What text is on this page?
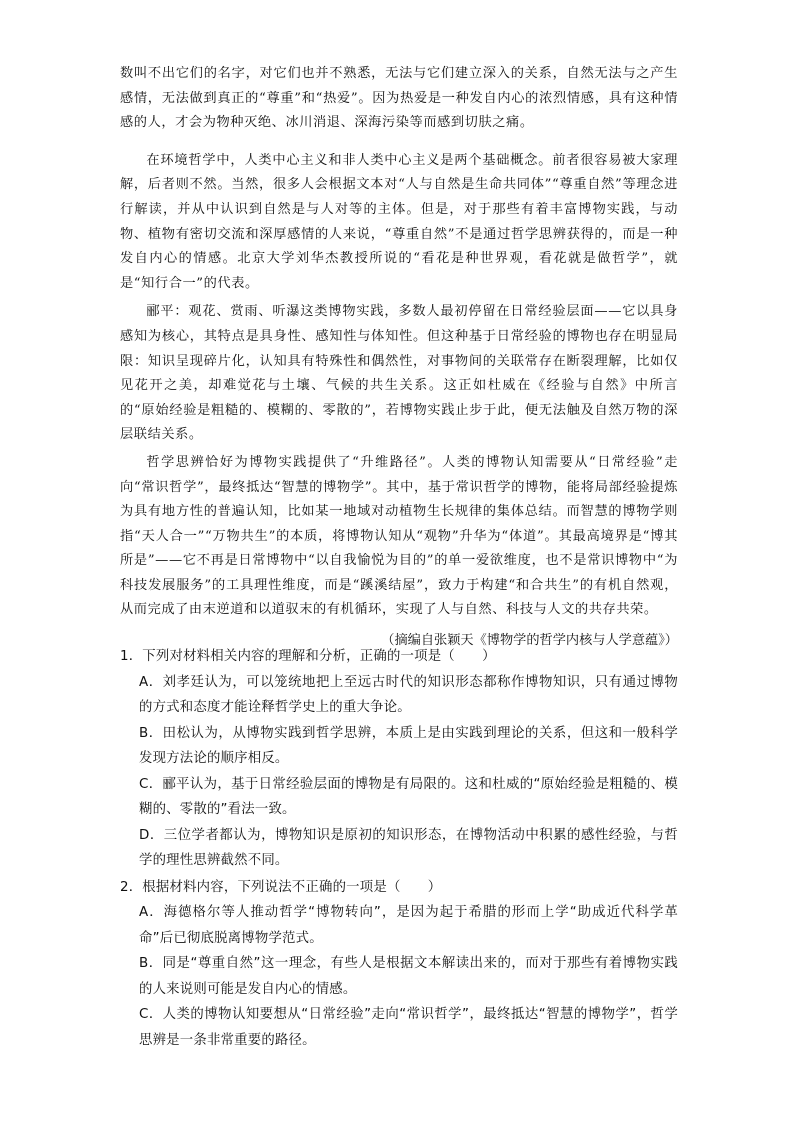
数叫不出它们的名字，对它们也并不熟悉，无法与它们建立深入的关系，自然无法与之产生感情，无法做到真正的“尊重”和“热爱”。因为热爱是一种发自内心的浓烈情感，具有这种情感的人，才会为物种灭绝、冰川消退、深海污染等而感到切肤之痛。

在环境哲学中，人类中心主义和非人类中心主义是两个基础概念。前者很容易被大家理解，后者则不然。当然，很多人会根据文本对“人与自然是生命共同体”“尊重自然”等理念进行解读，并从中认识到自然是与人对等的主体。但是，对于那些有着丰富博物实践，与动物、植物有密切交流和深厚感情的人来说，“尊重自然”不是通过哲学思辨获得的，而是一种发自内心的情感。北京大学刘华杰教授所说的“看花是种世界观，看花就是做哲学”，就是“知行合一”的代表。

郦平：观花、赏雨、听瀑这类博物实践，多数人最初停留在日常经验层面——它以具身感知为核心，其特点是具身性、感知性与体知性。但这种基于日常经验的博物也存在明显局限：知识呈现碎片化，认知具有特殊性和偶然性，对事物间的关联常存在断裂理解，比如仅见花开之美，却难觉花与土壤、气候的共生关系。这正如杜威在《经验与自然》中所言的“原始经验是粗糙的、模糊的、零散的”，若博物实践止步于此，便无法触及自然万物的深层联结关系。

哲学思辨恰好为博物实践提供了“升维路径”。人类的博物认知需要从“日常经验”走向“常识哲学”，最终抵达“智慧的博物学”。其中，基于常识哲学的博物，能将局部经验提炼为具有地方性的普遍认知，比如某一地域对动植物生长规律的集体总结。而智慧的博物学则指“天人合一”“万物共生”的本质，将博物认知从“观物”升华为“体道”。其最高境界是“博其所是”——它不再是日常博物中“以自我愉悦为目的”的单一爱欲维度，也不是常识博物中“为科技发展服务”的工具理性维度，而是“蹊溪结屋”，致力于构建“和合共生”的有机自然观，从而完成了由末逆道和以道驭末的有机循环，实现了人与自然、科技与人文的共存共荣。

（摘编自张颖天《博物学的哲学内核与人学意蕴》）

1．下列对材料相关内容的理解和分析，正确的一项是（　　）

A．刘孝廷认为，可以笼统地把上至远古时代的知识形态都称作博物知识，只有通过博物的方式和态度才能诠释哲学史上的重大争论。

B．田松认为，从博物实践到哲学思辨，本质上是由实践到理论的关系，但这和一般科学发现方法论的顺序相反。

C．郦平认为，基于日常经验层面的博物是有局限的。这和杜威的“原始经验是粗糙的、模糊的、零散的”看法一致。

D．三位学者都认为，博物知识是原初的知识形态，在博物活动中积累的感性经验，与哲学的理性思辨截然不同。

2．根据材料内容，下列说法不正确的一项是（　　）

A．海德格尔等人推动哲学“博物转向”，是因为起于希腊的形而上学“助成近代科学革命”后已彻底脱离博物学范式。

B．同是“尊重自然”这一理念，有些人是根据文本解读出来的，而对于那些有着博物实践的人来说则可能是发自内心的情感。

C．人类的博物认知要想从“日常经验”走向“常识哲学”，最终抵达“智慧的博物学”，哲学思辨是一条非常重要的路径。
